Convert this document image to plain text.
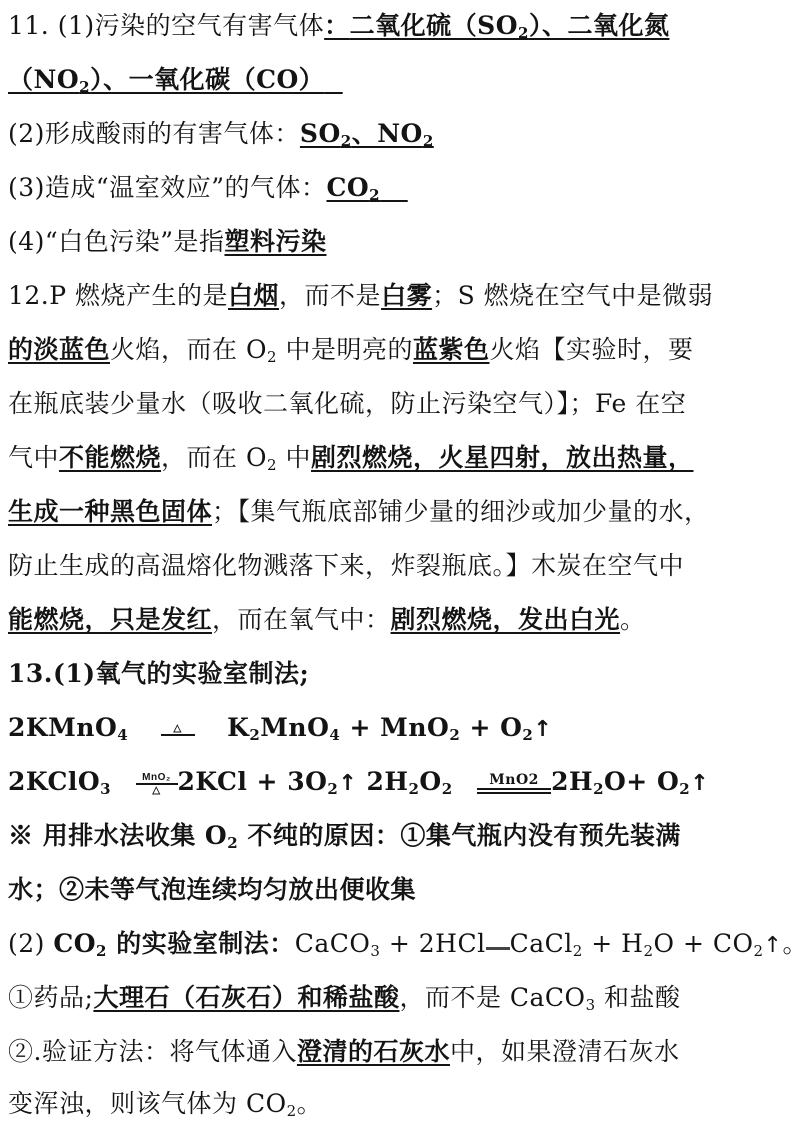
11. (1)污染的空气有害气体：二氧化硫$(SO_2)$、二氧化氮
$(NO_2)$、一氧化碳（CO）
(2)形成酸雨的有害气体：$SO_2$、$NO_2$
(3)造成“温室效应”的气体：$CO_2$
(4)“白色污染”是指塑料污染
12.P 燃烧产生的是白烟，而不是白雾；S 燃烧在空气中是微弱
的淡蓝色火焰，而在 $O_2$ 中是明亮的蓝紫色火焰【实验时，要
在瓶底装少量水（吸收二氧化硫，防止污染空气）】；Fe 在空
气中不能燃烧，而在 $O_2$ 中剧烈燃烧，火星四射，放出热量，
生成一种黑色固体；【集气瓶底部铺少量的细沙或加少量的水，
防止生成的高温熔化物溅落下来，炸裂瓶底。】木炭在空气中
能燃烧，只是发红，而在氧气中：剧烈燃烧，发出白光。
13.(1)氧气的实验室制法;
2KMnO$_4$	△	$K_2MnO_4 + MnO_2$ + $O_2↑$
2KClO$_3$
MnO₂
△ $2KCl + 3O_2↑$ $2H_2O_2$	MnO2 $2H_2O+$ $O_2↑$
※ 用排水法收集 $O_2$ 不纯的原因：①集气瓶内没有预先装满
水；②未等气泡连续均匀放出便收集
(2) $CO_2$ 的实验室制法：CaCO$_3$ + 2HCl CaCl$_2$ + $H_2O$ + $CO_2↑$。
①药品;大理石（石灰石）和稀盐酸，而不是 CaCO$_3$ 和盐酸
②.验证方法：将气体通入澄清的石灰水中，如果澄清石灰水
变浑浊，则该气体为 $CO_2$。
